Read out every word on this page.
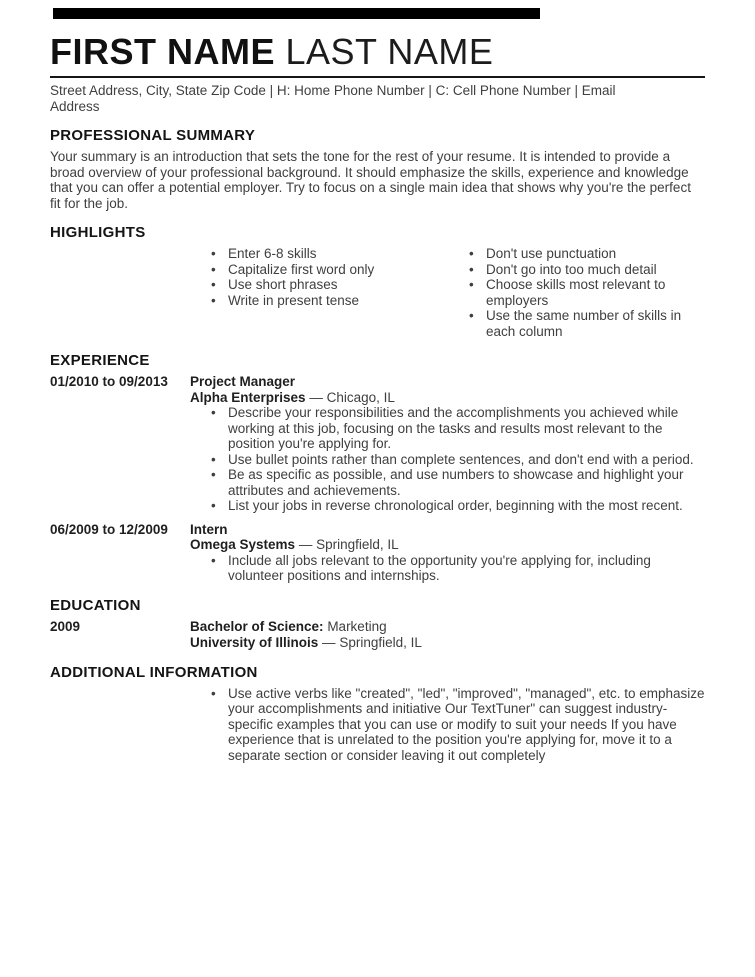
FIRST NAME LAST NAME
Street Address, City, State Zip Code | H: Home Phone Number | C: Cell Phone Number | Email Address
PROFESSIONAL SUMMARY
Your summary is an introduction that sets the tone for the rest of your resume. It is intended to provide a broad overview of your professional background. It should emphasize the skills, experience and knowledge that you can offer a potential employer. Try to focus on a single main idea that shows why you're the perfect fit for the job.
HIGHLIGHTS
• Enter 6-8 skills
• Capitalize first word only
• Use short phrases
• Write in present tense
• Don't use punctuation
• Don't go into too much detail
• Choose skills most relevant to employers
• Use the same number of skills in each column
EXPERIENCE
01/2010 to 09/2013	Project Manager
Alpha Enterprises — Chicago, IL
• Describe your responsibilities and the accomplishments you achieved while working at this job, focusing on the tasks and results most relevant to the position you're applying for.
• Use bullet points rather than complete sentences, and don't end with a period.
• Be as specific as possible, and use numbers to showcase and highlight your attributes and achievements.
• List your jobs in reverse chronological order, beginning with the most recent.
06/2009 to 12/2009	Intern
Omega Systems — Springfield, IL
• Include all jobs relevant to the opportunity you're applying for, including volunteer positions and internships.
EDUCATION
2009	Bachelor of Science: Marketing
University of Illinois — Springfield, IL
ADDITIONAL INFORMATION
• Use active verbs like "created", "led", "improved", "managed", etc. to emphasize your accomplishments and initiative Our TextTuner" can suggest industry-specific examples that you can use or modify to suit your needs If you have experience that is unrelated to the position you're applying for, move it to a separate section or consider leaving it out completely
